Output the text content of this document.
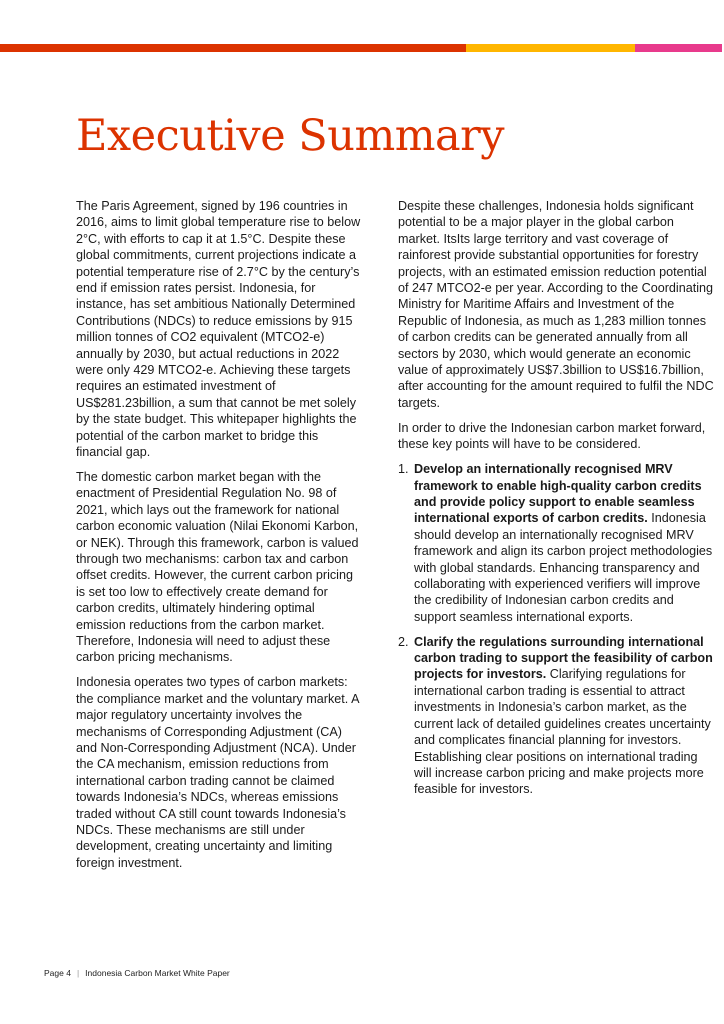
Executive Summary

The Paris Agreement, signed by 196 countries in 2016, aims to limit global temperature rise to below 2°C, with efforts to cap it at 1.5°C. Despite these global commitments, current projections indicate a potential temperature rise of 2.7°C by the century’s end if emission rates persist. Indonesia, for instance, has set ambitious Nationally Determined Contributions (NDCs) to reduce emissions by 915 million tonnes of CO2 equivalent (MTCO2-e) annually by 2030, but actual reductions in 2022 were only 429 MTCO2-e. Achieving these targets requires an estimated investment of US$281.23billion, a sum that cannot be met solely by the state budget. This whitepaper highlights the potential of the carbon market to bridge this financial gap.

The domestic carbon market began with the enactment of Presidential Regulation No. 98 of 2021, which lays out the framework for national carbon economic valuation (Nilai Ekonomi Karbon, or NEK). Through this framework, carbon is valued through two mechanisms: carbon tax and carbon offset credits. However, the current carbon pricing is set too low to effectively create demand for carbon credits, ultimately hindering optimal emission reductions from the carbon market. Therefore, Indonesia will need to adjust these carbon pricing mechanisms.

Indonesia operates two types of carbon markets: the compliance market and the voluntary market. A major regulatory uncertainty involves the mechanisms of Corresponding Adjustment (CA) and Non-Corresponding Adjustment (NCA). Under the CA mechanism, emission reductions from international carbon trading cannot be claimed towards Indonesia’s NDCs, whereas emissions traded without CA still count towards Indonesia’s NDCs. These mechanisms are still under development, creating uncertainty and limiting foreign investment.

Despite these challenges, Indonesia holds significant potential to be a major player in the global carbon market. ItsIts large territory and vast coverage of rainforest provide substantial opportunities for forestry projects, with an estimated emission reduction potential of 247 MTCO2-e per year. According to the Coordinating Ministry for Maritime Affairs and Investment of the Republic of Indonesia, as much as 1,283 million tonnes of carbon credits can be generated annually from all sectors by 2030, which would generate an economic value of approximately US$7.3billion to US$16.7billion, after accounting for the amount required to fulfil the NDC targets.

In order to drive the Indonesian carbon market forward, these key points will have to be considered.

1. Develop an internationally recognised MRV framework to enable high-quality carbon credits and provide policy support to enable seamless international exports of carbon credits. Indonesia should develop an internationally recognised MRV framework and align its carbon project methodologies with global standards. Enhancing transparency and collaborating with experienced verifiers will improve the credibility of Indonesian carbon credits and support seamless international exports.
2. Clarify the regulations surrounding international carbon trading to support the feasibility of carbon projects for investors. Clarifying regulations for international carbon trading is essential to attract investments in Indonesia’s carbon market, as the current lack of detailed guidelines creates uncertainty and complicates financial planning for investors. Establishing clear positions on international trading will increase carbon pricing and make projects more feasible for investors.
Page 4 | Indonesia Carbon Market White Paper
